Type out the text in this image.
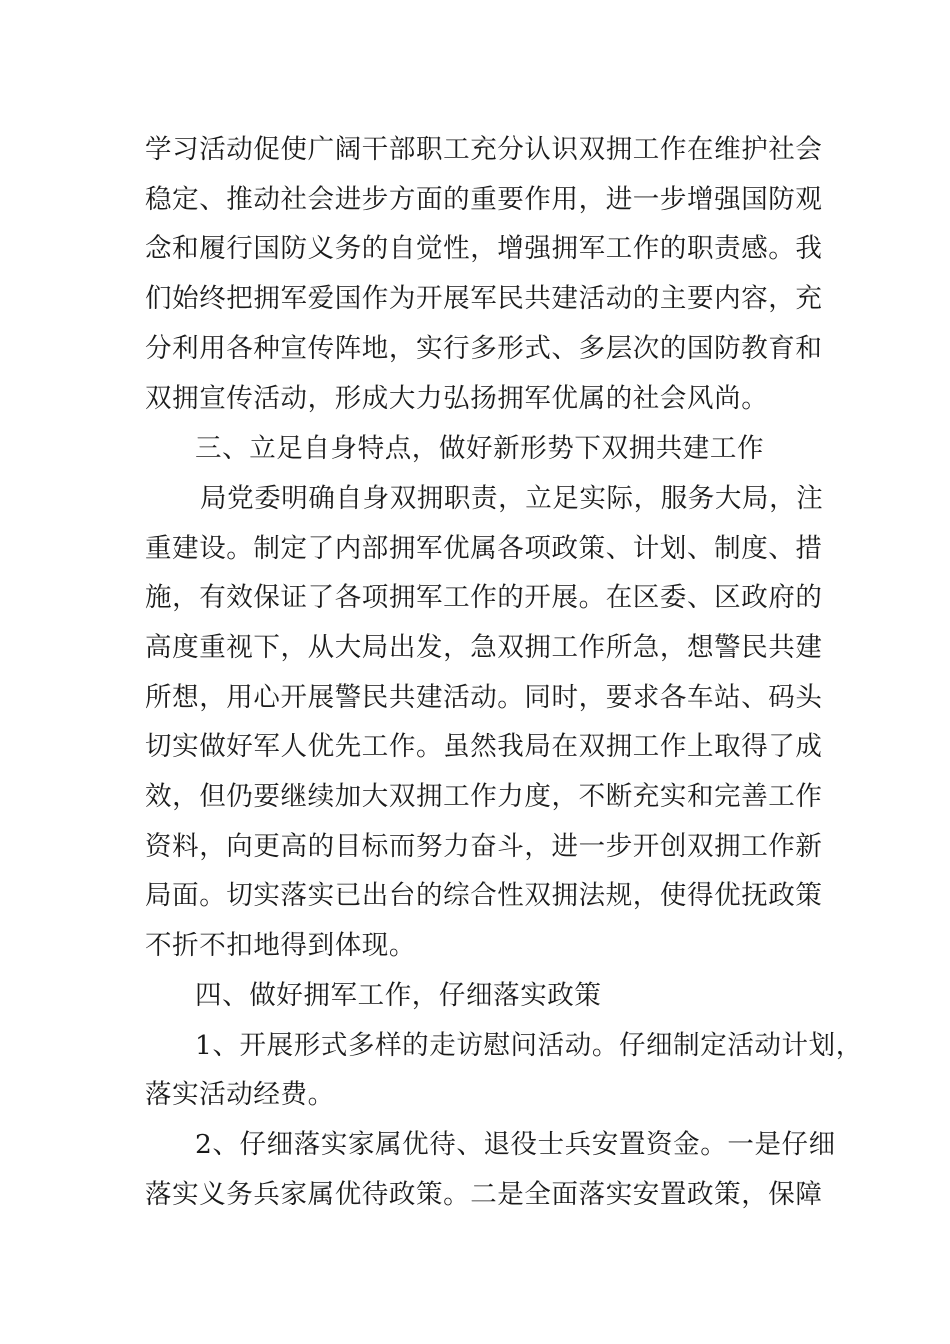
学习活动促使广阔干部职工充分认识双拥工作在维护社会
稳定、推动社会进步方面的重要作用，进一步增强国防观
念和履行国防义务的自觉性，增强拥军工作的职责感。我
们始终把拥军爱国作为开展军民共建活动的主要内容，充
分利用各种宣传阵地，实行多形式、多层次的国防教育和
双拥宣传活动，形成大力弘扬拥军优属的社会风尚。
三、立足自身特点，做好新形势下双拥共建工作
局党委明确自身双拥职责，立足实际，服务大局，注
重建设。制定了内部拥军优属各项政策、计划、制度、措
施，有效保证了各项拥军工作的开展。在区委、区政府的
高度重视下，从大局出发，急双拥工作所急，想警民共建
所想，用心开展警民共建活动。同时，要求各车站、码头
切实做好军人优先工作。虽然我局在双拥工作上取得了成
效，但仍要继续加大双拥工作力度，不断充实和完善工作
资料，向更高的目标而努力奋斗，进一步开创双拥工作新
局面。切实落实已出台的综合性双拥法规，使得优抚政策
不折不扣地得到体现。
四、做好拥军工作，仔细落实政策
1、开展形式多样的走访慰问活动。仔细制定活动计划，
落实活动经费。
2、仔细落实家属优待、退役士兵安置资金。一是仔细
落实义务兵家属优待政策。二是全面落实安置政策，保障
